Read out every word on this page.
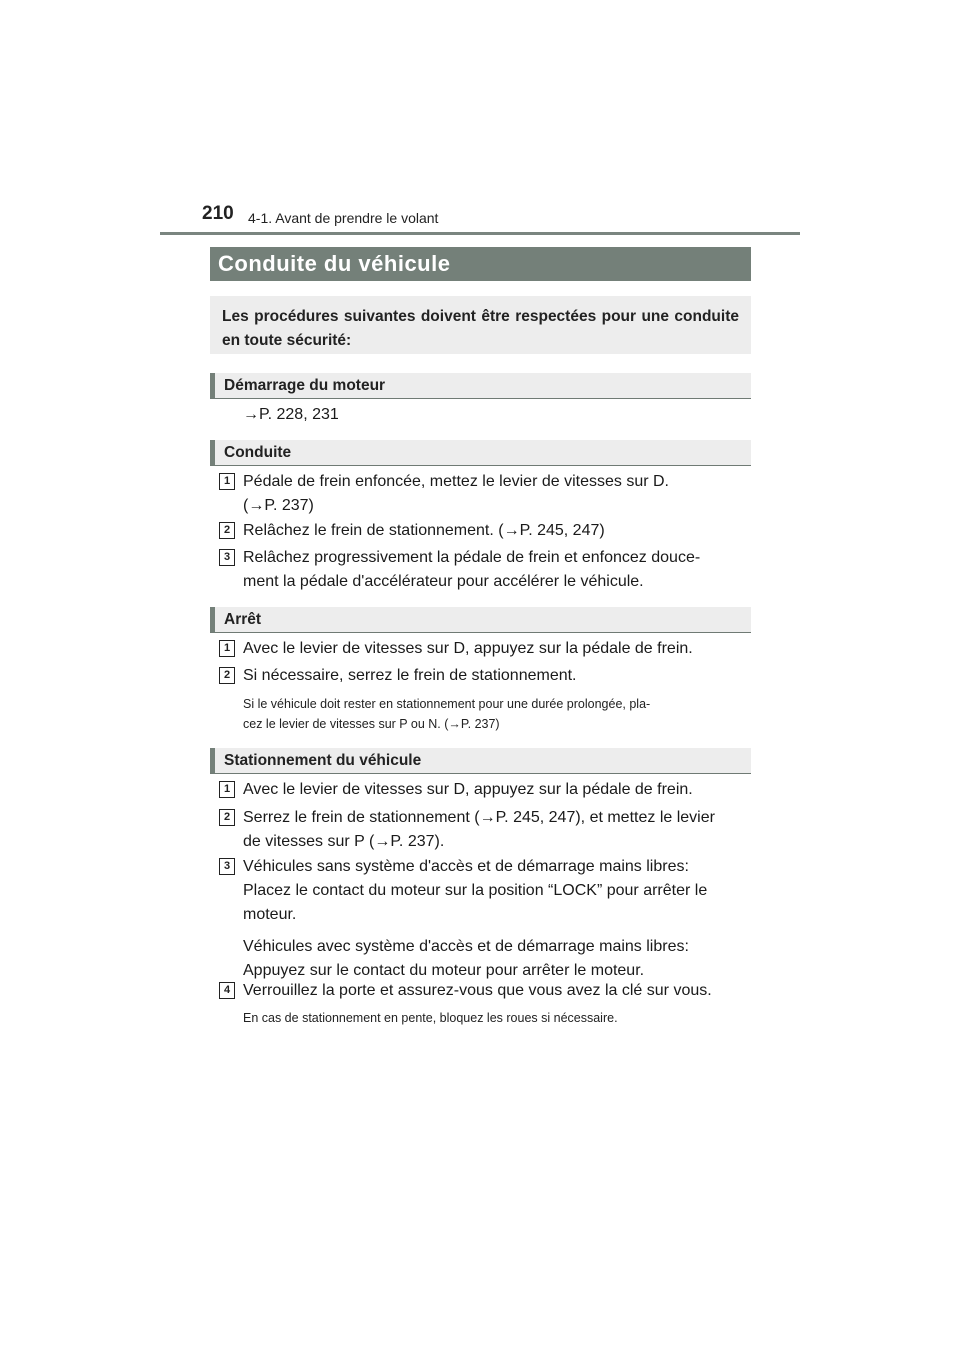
210 4-1. Avant de prendre le volant
Conduite du véhicule

Les procédures suivantes doivent être respectées pour une conduite en toute sécurité:

Démarrage du moteur
→P. 228, 231
Conduite
1 Pédale de frein enfoncée, mettez le levier de vitesses sur D.
(→P. 237)
2 Relâchez le frein de stationnement. (→P. 245, 247)
3 Relâchez progressivement la pédale de frein et enfoncez douce-
ment la pédale d'accélérateur pour accélérer le véhicule.
Arrêt
1 Avec le levier de vitesses sur D, appuyez sur la pédale de frein.
2 Si nécessaire, serrez le frein de stationnement.
Si le véhicule doit rester en stationnement pour une durée prolongée, pla-
cez le levier de vitesses sur P ou N. (→P. 237)
Stationnement du véhicule
1 Avec le levier de vitesses sur D, appuyez sur la pédale de frein.
2 Serrez le frein de stationnement (→P. 245, 247), et mettez le levier
de vitesses sur P (→P. 237).
3 Véhicules sans système d'accès et de démarrage mains libres:
Placez le contact du moteur sur la position “LOCK” pour arrêter le
moteur.
Véhicules avec système d'accès et de démarrage mains libres:
Appuyez sur le contact du moteur pour arrêter le moteur.
4 Verrouillez la porte et assurez-vous que vous avez la clé sur vous.
En cas de stationnement en pente, bloquez les roues si nécessaire.
